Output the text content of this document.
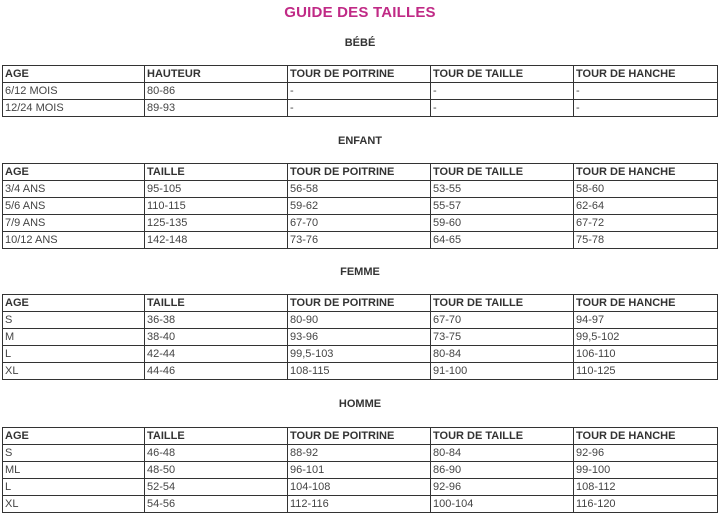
GUIDE DES TAILLES
BÉBÉ
AGE	HAUTEUR	TOUR DE POITRINE	TOUR DE TAILLE	TOUR DE HANCHE
6/12 MOIS	80-86	-	-	-
12/24 MOIS	89-93	-	-	-
ENFANT
AGE	TAILLE	TOUR DE POITRINE	TOUR DE TAILLE	TOUR DE HANCHE
3/4 ANS	95-105	56-58	53-55	58-60
5/6 ANS	110-115	59-62	55-57	62-64
7/9 ANS	125-135	67-70	59-60	67-72
10/12 ANS	142-148	73-76	64-65	75-78
FEMME
AGE	TAILLE	TOUR DE POITRINE	TOUR DE TAILLE	TOUR DE HANCHE
S	36-38	80-90	67-70	94-97
M	38-40	93-96	73-75	99,5-102
L	42-44	99,5-103	80-84	106-110
XL	44-46	108-115	91-100	110-125
HOMME
AGE	TAILLE	TOUR DE POITRINE	TOUR DE TAILLE	TOUR DE HANCHE
S	46-48	88-92	80-84	92-96
ML	48-50	96-101	86-90	99-100
L	52-54	104-108	92-96	108-112
XL	54-56	112-116	100-104	116-120
